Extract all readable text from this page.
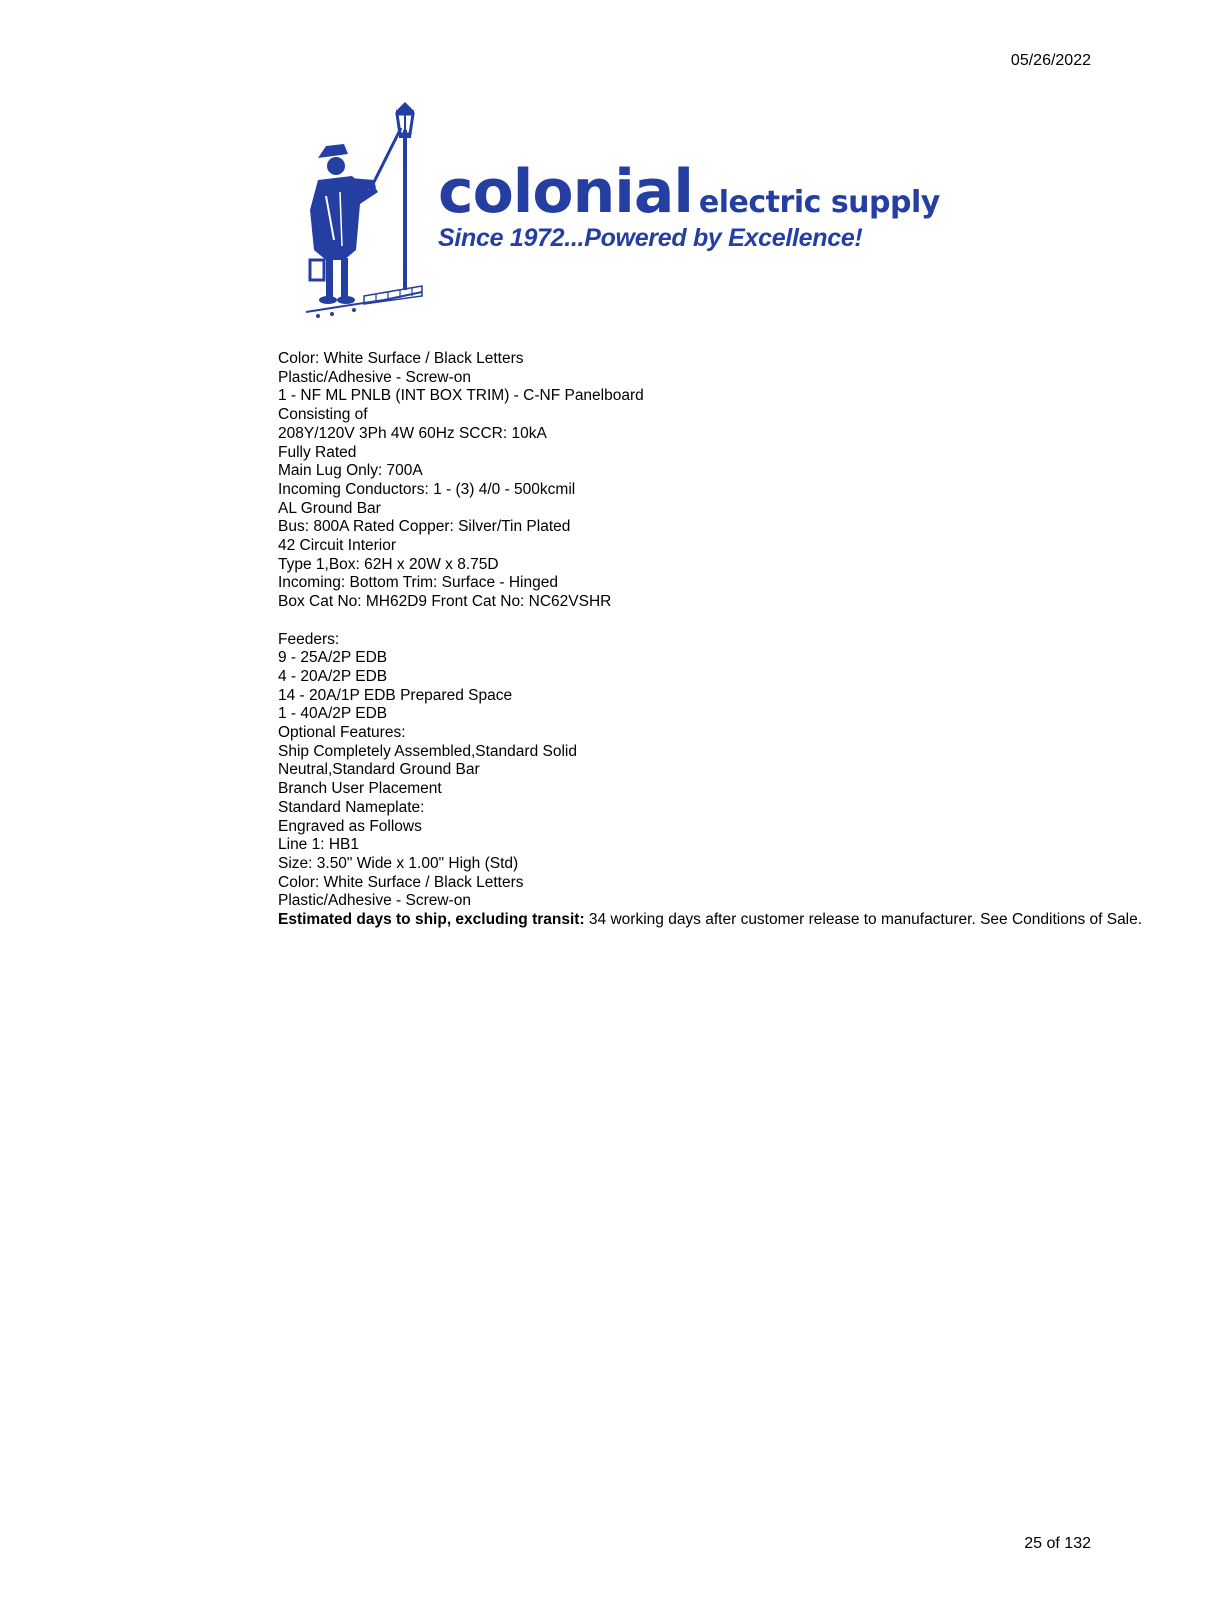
05/26/2022
colonial electric supply
Since 1972...Powered by Excellence!
Color: White Surface / Black Letters
Plastic/Adhesive - Screw-on
1 - NF ML PNLB (INT BOX TRIM) - C-NF Panelboard
Consisting of
208Y/120V 3Ph 4W 60Hz SCCR: 10kA
Fully Rated
Main Lug Only: 700A
Incoming Conductors: 1 - (3) 4/0 - 500kcmil
AL Ground Bar
Bus: 800A Rated Copper: Silver/Tin Plated
42 Circuit Interior
Type 1,Box: 62H x 20W x 8.75D
Incoming: Bottom Trim: Surface - Hinged
Box Cat No: MH62D9 Front Cat No: NC62VSHR
Feeders:
9 - 25A/2P EDB
4 - 20A/2P EDB
14 - 20A/1P EDB Prepared Space
1 - 40A/2P EDB
Optional Features:
Ship Completely Assembled,Standard Solid
Neutral,Standard Ground Bar
Branch User Placement
Standard Nameplate:
Engraved as Follows
Line 1: HB1
Size: 3.50" Wide x 1.00" High (Std)
Color: White Surface / Black Letters
Plastic/Adhesive - Screw-on
Estimated days to ship, excluding transit: 34 working days after customer release to manufacturer. See Conditions of Sale.
25 of 132
